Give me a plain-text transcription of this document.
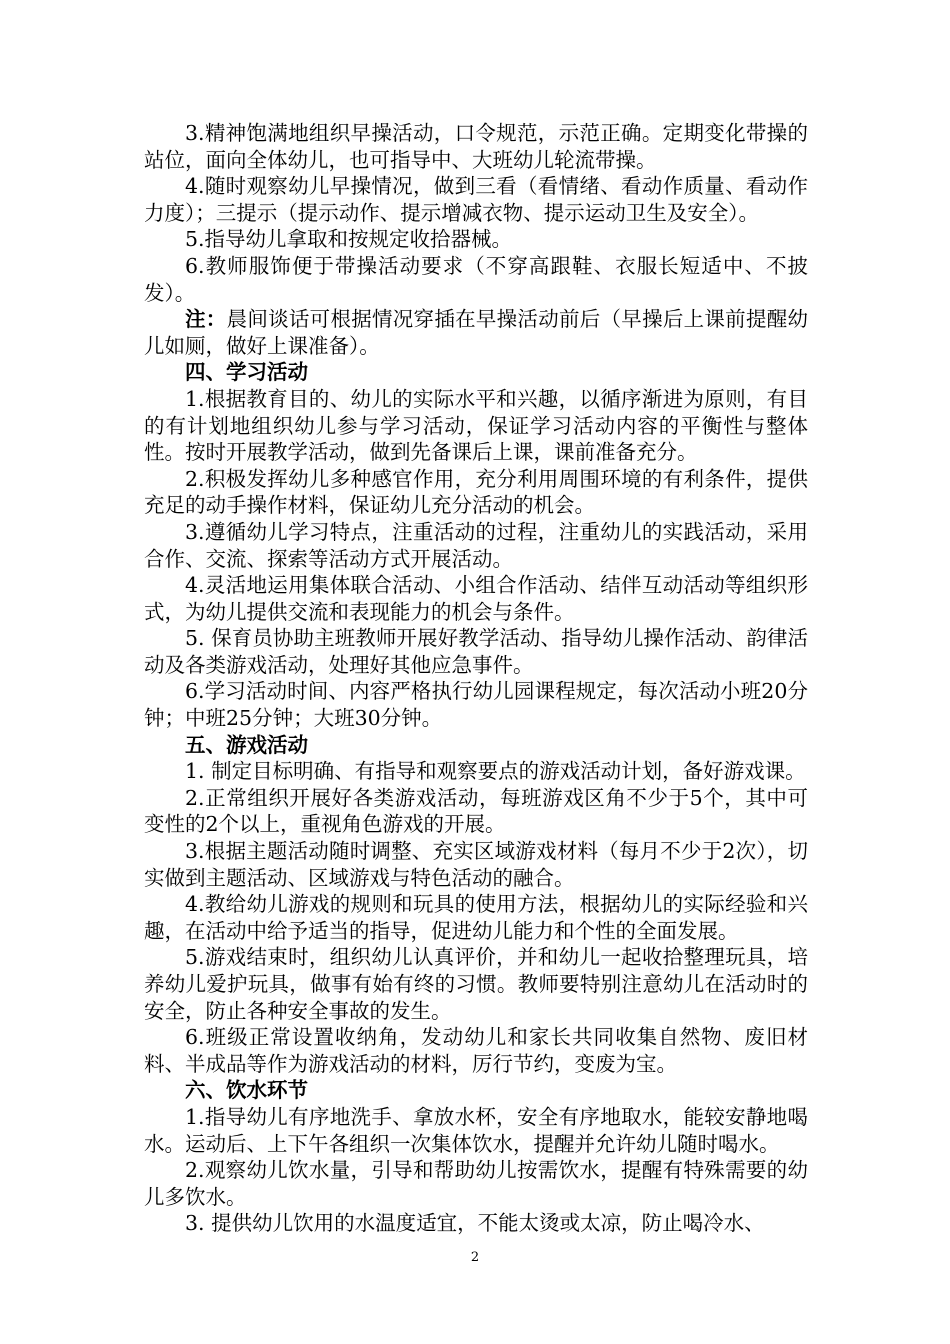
3.精神饱满地组织早操活动，口令规范，示范正确。定期变化带操的站位，面向全体幼儿，也可指导中、大班幼儿轮流带操。

4.随时观察幼儿早操情况，做到三看（看情绪、看动作质量、看动作力度）；三提示（提示动作、提示增减衣物、提示运动卫生及安全）。

5.指导幼儿拿取和按规定收拾器械。

6.教师服饰便于带操活动要求（不穿高跟鞋、衣服长短适中、不披发）。

注：晨间谈话可根据情况穿插在早操活动前后（早操后上课前提醒幼儿如厕，做好上课准备）。

四、学习活动

1.根据教育目的、幼儿的实际水平和兴趣，以循序渐进为原则，有目的有计划地组织幼儿参与学习活动，保证学习活动内容的平衡性与整体性。按时开展教学活动，做到先备课后上课，课前准备充分。

2.积极发挥幼儿多种感官作用，充分利用周围环境的有利条件，提供充足的动手操作材料，保证幼儿充分活动的机会。

3.遵循幼儿学习特点，注重活动的过程，注重幼儿的实践活动，采用合作、交流、探索等活动方式开展活动。

4.灵活地运用集体联合活动、小组合作活动、结伴互动活动等组织形式，为幼儿提供交流和表现能力的机会与条件。

5. 保育员协助主班教师开展好教学活动、指导幼儿操作活动、韵律活动及各类游戏活动，处理好其他应急事件。

6.学习活动时间、内容严格执行幼儿园课程规定，每次活动小班20分钟；中班25分钟；大班30分钟。

五、游戏活动

1. 制定目标明确、有指导和观察要点的游戏活动计划，备好游戏课。

2.正常组织开展好各类游戏活动，每班游戏区角不少于5个，其中可变性的2个以上，重视角色游戏的开展。

3.根据主题活动随时调整、充实区域游戏材料（每月不少于2次），切实做到主题活动、区域游戏与特色活动的融合。

4.教给幼儿游戏的规则和玩具的使用方法，根据幼儿的实际经验和兴趣，在活动中给予适当的指导，促进幼儿能力和个性的全面发展。

5.游戏结束时，组织幼儿认真评价，并和幼儿一起收拾整理玩具，培养幼儿爱护玩具，做事有始有终的习惯。教师要特别注意幼儿在活动时的安全，防止各种安全事故的发生。

6.班级正常设置收纳角，发动幼儿和家长共同收集自然物、废旧材料、半成品等作为游戏活动的材料，厉行节约，变废为宝。

六、饮水环节

1.指导幼儿有序地洗手、拿放水杯，安全有序地取水，能较安静地喝水。运动后、上下午各组织一次集体饮水，提醒并允许幼儿随时喝水。

2.观察幼儿饮水量，引导和帮助幼儿按需饮水，提醒有特殊需要的幼儿多饮水。

3. 提供幼儿饮用的水温度适宜，不能太烫或太凉，防止喝冷水、

2
